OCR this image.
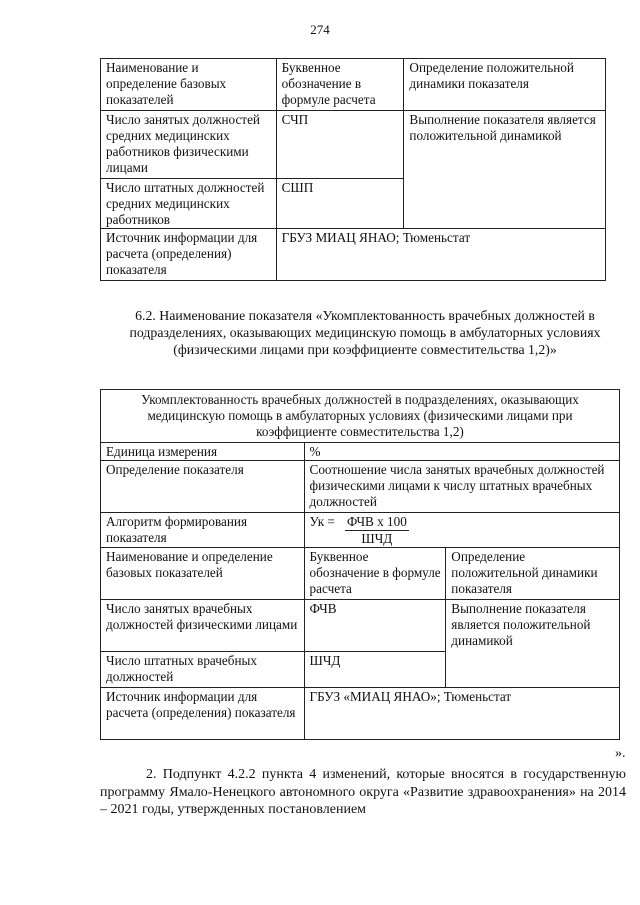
274
Наименование и определение базовых показателей	Буквенное обозначение в формуле расчета	Определение положительной динамики показателя
Число занятых должностей средних медицинских работников физическими лицами	СЧП	Выполнение показателя является положительной динамикой
Число штатных должностей средних медицинских работников	СШП	
Источник информации для расчета (определения) показателя	ГБУЗ МИАЦ ЯНАО; Тюменьстат	
6.2. Наименование показателя «Укомплектованность врачебных должностей в подразделениях, оказывающих медицинскую помощь в амбулаторных условиях (физическими лицами при коэффициенте совместительства 1,2)»
Укомплектованность врачебных должностей в подразделениях, оказывающих медицинскую помощь в амбулаторных условиях (физическими лицами при коэффициенте совместительства 1,2)		
Единица измерения	%	
Определение показателя	Соотношение числа занятых врачебных должностей физическими лицами к числу штатных врачебных должностей	
Алгоритм формирования показателя	Ук = $\frac{\text{ФЧВ х 100}}{\text{ШЧД}}$

Наименование и определение базовых показателей	Буквенное обозначение в формуле расчета	Определение положительной динамики показателя
Число занятых врачебных должностей физическими лицами	ФЧВ	Выполнение показателя является положительной динамикой
Число штатных врачебных должностей	ШЧД	
Источник информации для расчета (определения) показателя	ГБУЗ «МИАЦ ЯНАО»; Тюменьстат	
».

2. Подпункт 4.2.2 пункта 4 изменений, которые вносятся в государственную программу Ямало-Ненецкого автономного округа «Развитие здравоохранения» на 2014 – 2021 годы, утвержденных постановлением
